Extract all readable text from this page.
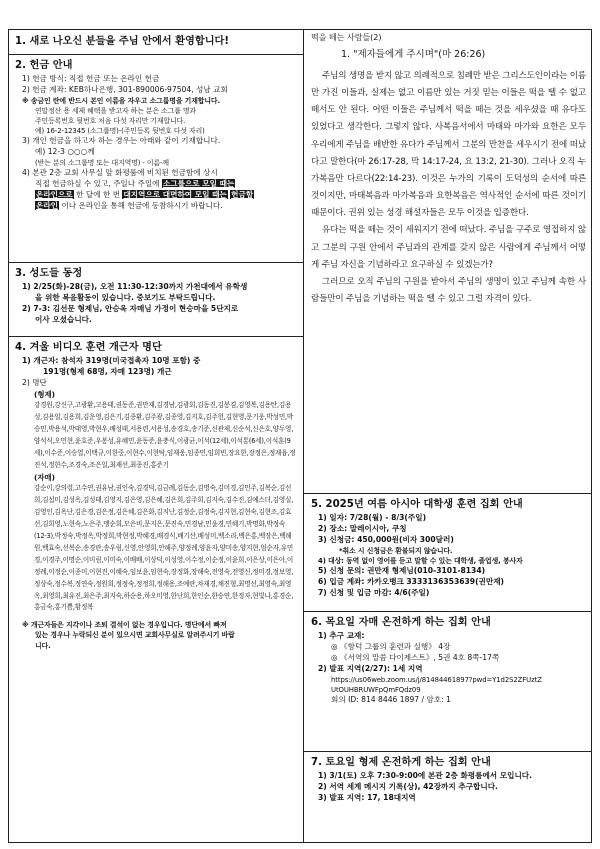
1. 새로 나오신 분들을 주님 안에서 환영합니다!
2. 헌금 안내
1) 헌금 방식: 직접 헌금 또는 온라인 헌금
2) 헌금 계좌: KEB하나은행, 301-890006-97504, 성남 교회
※ 송금인 란에 반드시 본인 이름을 자우고 소그룹명을 기재합니다.
연말정산 용 세제 혜택을 받고자 하는 분은 소그룹 명과
주민등록번호 뒷번호 처음 다섯 자리만 기재합니다.
예) 16-2-12345 (소그룹명)-(주민등록 뒷번호 다섯 자리)
3) 개인 헌금을 하고자 하는 경우는 아래와 같이 기재합니다.
예) 12-3 ○○○께
(받는 분의 소그룹명 또는 대지역명) - 이름-께
4) 본관 2층 교회 사무실 앞 화평룸에 비치된 헌금함에 상시
직접 헌금하실 수 있고, 주일나 주일에 소그룹으로 모일 때는
온라인으로 한 달에 한 번 대지역으로 대면하여 모일 때는 헌금함
온라인 이나 온라인을 통해 헌금에 동참하시기 바랍니다.
3. 성도들 동정
1) 2/25(화)-28(금), 오전 11:30-12:30까지 가천대에서 유학생
을 위한 복음활동이 있습니다. 중보기도 부탁드립니다.
2) 7-3: 김선문 형제님, 안승옥 자매님 가정이 현승마을 5단지로
이사 오셨습니다.
4. 겨울 비디오 훈련 개근자 명단
1) 개근자: 참석자 319명(미국접촉자 10명 포함) 중
191명(형제 68명, 자매 123명) 개근
2) 명단
(형제)
강경원,강신구,고광환,고용태,권동준,권만재,김경남,김광회,김동진,김봉겸,김영복,김용탄,김용성,김용일,김용희,김운영,김은기,김종환,김주광,김종영,김지호,김주헌,김현영,문기웅,박성민,박승민,박용석,박태영,박현우,배성태,서용련,서용성,송경호,송기준,신관제,신순석,신은호,양두영,양석식,오민현,윤호준,우봉성,유혜민,윤동준,윤충식,이광균,이석(12세),이석통(6세),이석훈(9세),이수준,이승열,이택규,이한중,이현수,이현탁,임재웅,임종민,임희빈,장요한,장정은,정재융,정진석,정한수,조경숙,조은일,최재선,최종진,홍준기
(자매)
강순이,강의령,고수연,권유남,권인숙,김경덕,김금례,김동순,김명숙,김미경,김민주,김복순,김선희,김섭미,김성옥,김성태,김영지,김은영,김은혜,김은희,김주희,김지숙,김수진,김예스더,김영실,김영인,김옥난,김은경,김은정,김은혜,김은화,김지난,김정순,김정숙,김지현,김현숙,김현조,김효선,김희영,노현숙,노은주,맹순희,모은비,문지은,문진숙,민경남,민윤경,민혜기,박명화,박정숙(12-3),박정숙,박정옥,박정희,박현정,박혜경,배경식,배기산,배성미,백소라,백은홍,백장은,백해원,백효숙,선복순,송경란,송우림,신영,안영희,안해주,양정례,양윤자,양미송,양지현,엄순자,유민경,이경주,이명순,이미림,이미숙,이배배,이상덕,이성영,이수정,이순정,이윤희,이은상,이은아,이정례,이정순,이종미,이현진,이혜숙,임보윤,임현숙,장정화,장해숙,전영숙,전영신,정미경,정보영,정상숙,정수복,정연숙,정원희,정정숙,정정희,정해용,조예란,차재경,채진형,최명선,최영숙,최영옥,최영희,최유진,최은주,최지숙,하순용,하오미영,한난희,한인순,한승연,한정자,현빛나,홍경순,홍금숙,홍기쁨,황정복
※ 개근자들은 지각이나 조퇴 결석이 없는 경우입니다. 명단에서 빠져
있는 경우나 누락되신 분이 있으시면 교회사무실로 알려주시기 바랍
니다.
떡을 떼는 사람들(2)
1. "제자들에게 주시며"(마 26:26)

주님의 생명을 받지 않고 의례적으로 침례만 받은 그리스도인이라는 이름만 가진 이들과, 실제는 없고 이름만 있는 거짓 믿는 이들은 떡을 뗄 수 없고 떼서도 안 된다. 어떤 이들은 주님께서 떡을 떼는 것을 세우셨을 때 유다도 있었다고 생각한다. 그렇지 않다. 사복음서에서 마태와 마가와 요한은 모두 우리에게 주님을 배반한 유다가 주님께서 그분의 만찬을 세우시기 전에 떠났다고 말한다(마 26:17-28, 막 14:17-24, 요 13:2, 21-30). 그러나 오직 누가복음만 다르다(22:14-23). 이것은 누가의 기록이 도덕성의 순서에 따른 것이지만, 마태복음과 마가복음과 요한복음은 역사적인 순서에 따른 것이기 때문이다. 권위 있는 성경 해설자들은 모두 이것을 입증한다.

유다는 떡을 떼는 것이 세워지기 전에 떠났다. 주님을 구주로 영접하지 않고 그분의 구원 안에서 주님과의 관계를 갖지 않은 사람에게 주님께서 어떻게 주님 자신을 기념하라고 요구하실 수 있겠는가?

그러므로 오직 주님의 구원을 받아서 주님의 생명이 있고 주님께 속한 사람들만이 주님을 기념하는 떡을 뗄 수 있고 그럴 자격이 있다.

5. 2025년 여름 아시아 대학생 훈련 집회 안내
1) 일자: 7/28(월) - 8/3(주일)
2) 장소: 말레이시아, 쿠칭
3) 신청금: 450,000원(비자 300달러)
*취소 시 신청금은 환불되지 않습니다.
4) 대상: 동역 없이 영어를 듣고 말할 수 있는 대학생, 졸업생, 봉사자
5) 신청 문의: 권만재 형제님(010-3101-8134)
6) 입금 계좌: 카카오뱅크 3333136353639(권만재)
7) 신청 및 입금 마감: 4/6(주일)
6. 목요일 자매 온전하게 하는 집회 안내
1) 추구 교재:
◎ 《함덕 그룹의 훈련과 실행》 4장
◎ 《서역의 말씀 다이제스트》, 5권 4호 8쪽-17쪽
2) 발표 지역(2/27): 1세 지역
https://us06web.zoom.us/j/81484461897?pwd=Y1d2S2ZFUztZ
UtOUHBRUWFpQmFQdz09
회의 ID: 814 8446 1897 / 암호: 1
7. 토요일 형제 온전하게 하는 집회 안내
1) 3/1(토) 오후 7:30-9:00에 본관 2층 화평룸에서 모입니다.
2) 서역 세계 메시지 기록(상), 42장까지 추구합니다.
3) 발표 지역: 17, 18대지역
